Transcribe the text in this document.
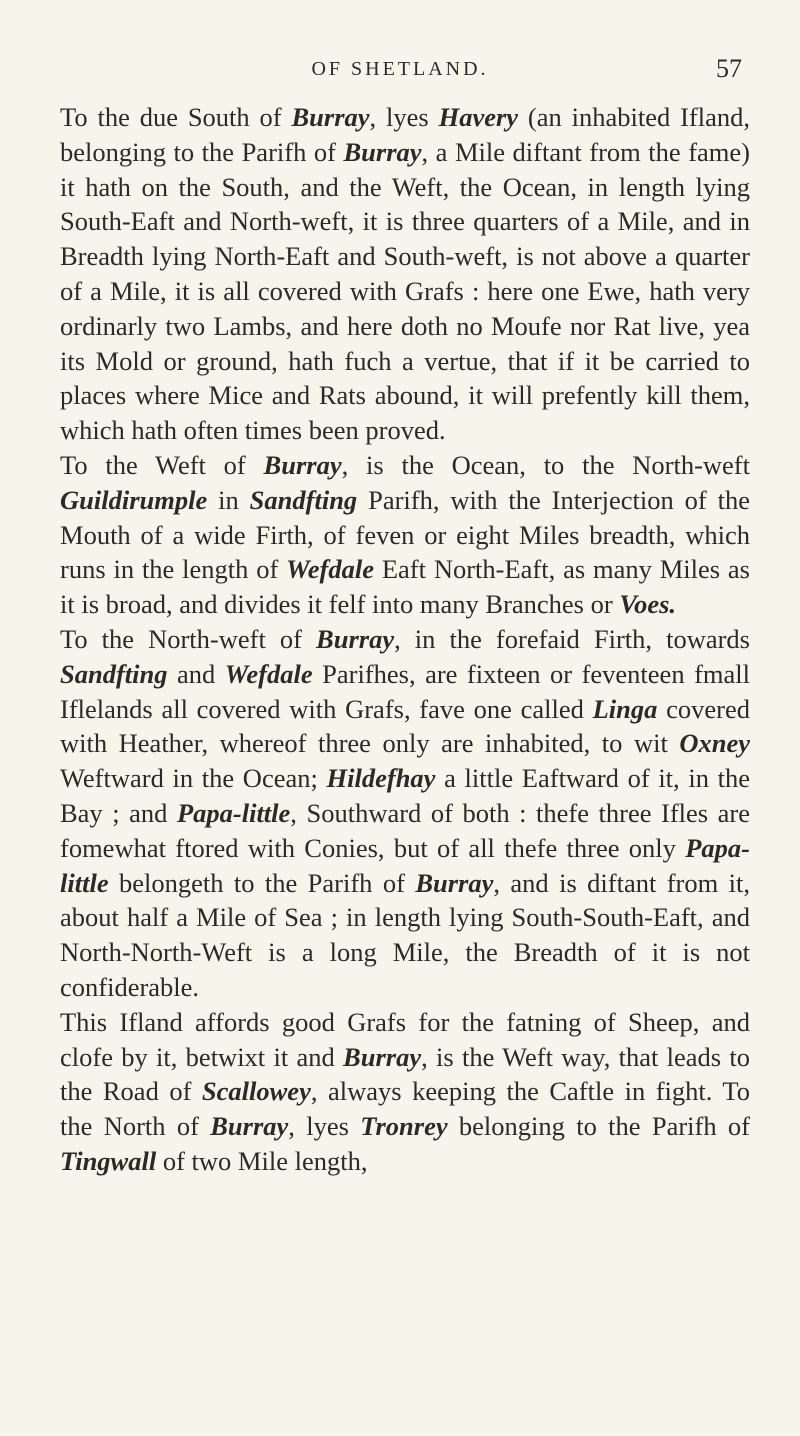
OF SHETLAND.	57

To the due South of Burray, lyes Havery (an inhabited Ifland, belonging to the Parifh of Burray, a Mile diftant from the fame) it hath on the South, and the Weft, the Ocean, in length lying South-Eaft and North-weft, it is three quarters of a Mile, and in Breadth lying North-Eaft and South-weft, is not above a quarter of a Mile, it is all covered with Grafs : here one Ewe, hath very ordinarly two Lambs, and here doth no Moufe nor Rat live, yea its Mold or ground, hath fuch a vertue, that if it be carried to places where Mice and Rats abound, it will prefently kill them, which hath often times been proved.

To the Weft of Burray, is the Ocean, to the North-weft Guildirumple in Sandfting Parifh, with the Interjection of the Mouth of a wide Firth, of feven or eight Miles breadth, which runs in the length of Wefdale Eaft North-Eaft, as many Miles as it is broad, and divides it felf into many Branches or Voes.

To the North-weft of Burray, in the forefaid Firth, towards Sandfting and Wefdale Parifhes, are fixteen or feventeen fmall Iflelands all covered with Grafs, fave one called Linga covered with Heather, whereof three only are inhabited, to wit Oxney Weftward in the Ocean; Hildefhay a little Eaftward of it, in the Bay ; and Papa-little, Southward of both : thefe three Ifles are fomewhat ftored with Conies, but of all thefe three only Papa-little belongeth to the Parifh of Burray, and is diftant from it, about half a Mile of Sea ; in length lying South-South-Eaft, and North-North-Weft is a long Mile, the Breadth of it is not confiderable.

This Ifland affords good Grafs for the fatning of Sheep, and clofe by it, betwixt it and Burray, is the Weft way, that leads to the Road of Scallowey, always keeping the Caftle in fight. To the North of Burray, lyes Tronrey belonging to the Parifh of Tingwall of two Mile length,
